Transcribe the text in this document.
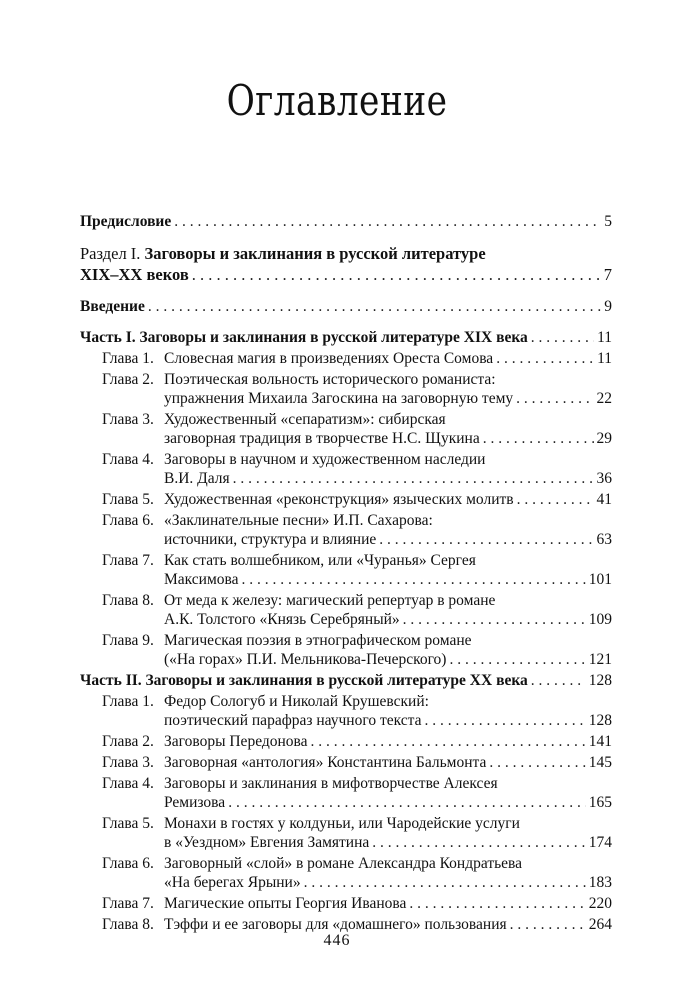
Оглавление
Предисловие . . .	5
Раздел I. Заговоры и заклинания в русской литературе
XIX–XX веков . . .	7
Введение . . .	9
Часть I. Заговоры и заклинания в русской литературе XIX века . . .	11
Глава 1. Словесная магия в произведениях Ореста Сомова . . .	11
Глава 2. Поэтическая вольность исторического романиста:
упражнения Михаила Загоскина на заговорную тему . . .	22
Глава 3. Художественный «сепаратизм»: сибирская
заговорная традиция в творчестве Н.С. Щукина . . .	29
Глава 4. Заговоры в научном и художественном наследии
В.И. Даля . . .	36
Глава 5. Художественная «реконструкция» языческих молитв . . .	41
Глава 6. «Заклинательные песни» И.П. Сахарова:
источники, структура и влияние . . .	63
Глава 7. Как стать волшебником, или «Чуранья» Сергея
Максимова . . .	101
Глава 8. От меда к железу: магический репертуар в романе
А.К. Толстого «Князь Серебряный» . . .	109
Глава 9. Магическая поэзия в этнографическом романе
(«На горах» П.И. Мельникова-Печерского) . . .	121
Часть II. Заговоры и заклинания в русской литературе XX века . . .	128
Глава 1. Федор Сологуб и Николай Крушевский:
поэтический парафраз научного текста . . .	128
Глава 2. Заговоры Передонова . . .	141
Глава 3. Заговорная «антология» Константина Бальмонта . . .	145
Глава 4. Заговоры и заклинания в мифотворчестве Алексея
Ремизова . . .	165
Глава 5. Монахи в гостях у колдуньи, или Чародейские услуги
в «Уездном» Евгения Замятина . . .	174
Глава 6. Заговорный «слой» в романе Александра Кондратьева
«На берегах Ярыни» . . .	183
Глава 7. Магические опыты Георгия Иванова . . .	220
Глава 8. Тэффи и ее заговоры для «домашнего» пользования . . .	264
446
